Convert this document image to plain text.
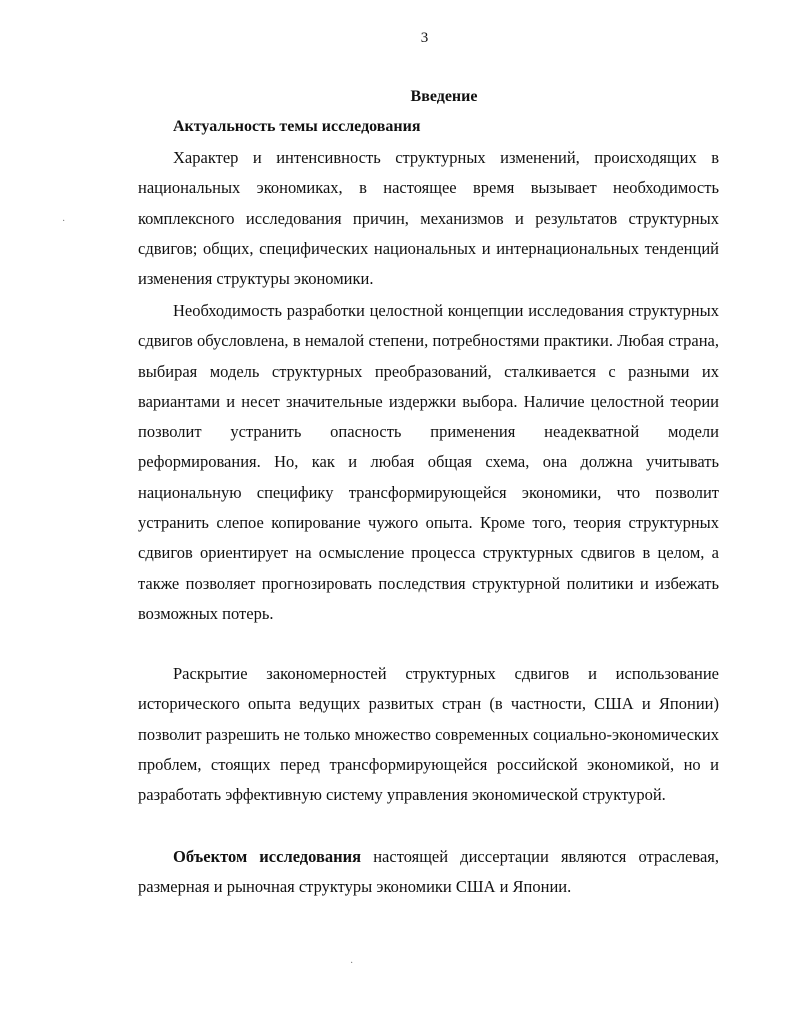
3
Введение
Актуальность темы исследования

Характер и интенсивность структурных изменений, происходящих в национальных экономиках, в настоящее время вызывает необходимость комплексного исследования причин, механизмов и результатов структурных сдвигов; общих, специфических национальных и интернациональных тенденций изменения структуры экономики.

Необходимость разработки целостной концепции исследования структурных сдвигов обусловлена, в немалой степени, потребностями практики. Любая страна, выбирая модель структурных преобразований, сталкивается с разными их вариантами и несет значительные издержки выбора. Наличие целостной теории позволит устранить опасность применения неадекватной модели реформирования. Но, как и любая общая схема, она должна учитывать национальную специфику трансформирующейся экономики, что позволит устранить слепое копирование чужого опыта. Кроме того, теория структурных сдвигов ориентирует на осмысление процесса структурных сдвигов в целом, а также позволяет прогнозировать последствия структурной политики и избежать возможных потерь.

Раскрытие закономерностей структурных сдвигов и использование исторического опыта ведущих развитых стран (в частности, США и Японии) позволит разрешить не только множество современных социально-экономических проблем, стоящих перед трансформирующейся российской экономикой, но и разработать эффективную систему управления экономической структурой.

Объектом исследования настоящей диссертации являются отраслевая, размерная и рыночная структуры экономики США и Японии.

·
·
